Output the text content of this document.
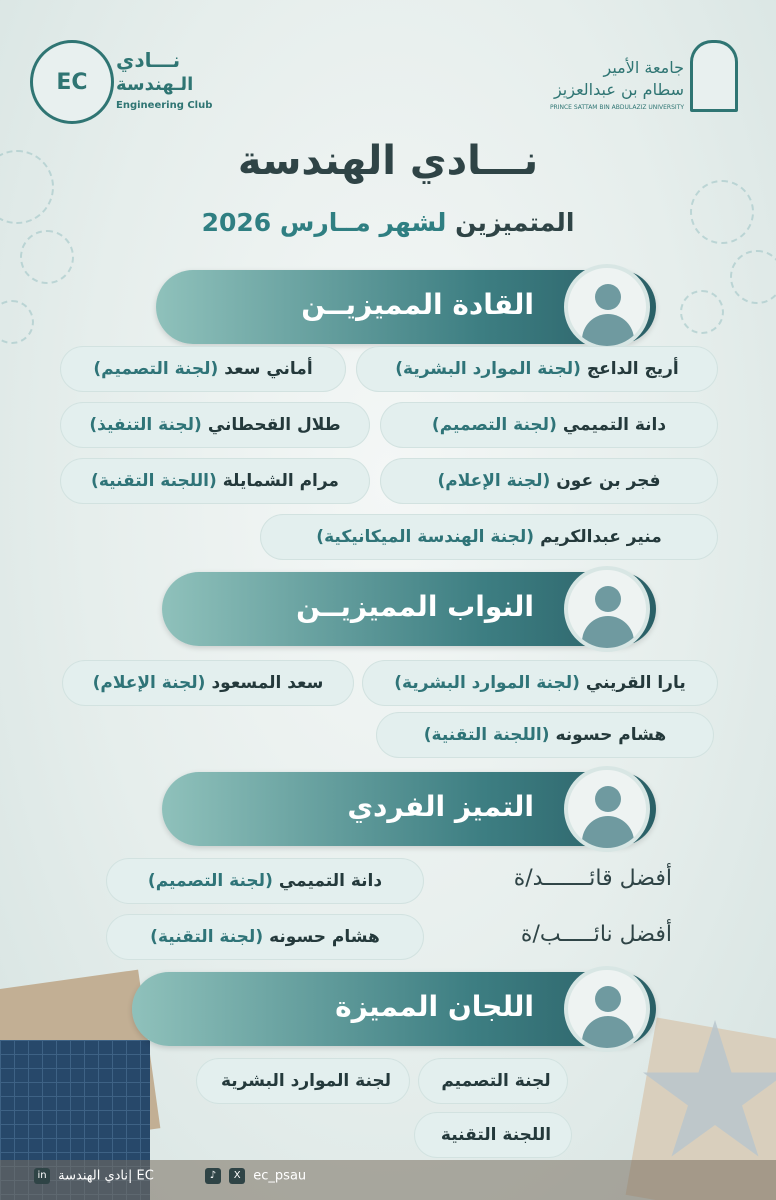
EC
نـــادي
الـهندسة
Engineering Club
جامعة الأمير
سطام بن عبدالعزيز
PRINCE SATTAM BIN ABDULAZIZ UNIVERSITY
نـــادي الهندسة
المتميزين لشهر مــارس 2026
القادة المميزيــن
أريج الداعج
(لجنة الموارد البشرية)
أماني سعد
(لجنة التصميم)
دانة التميمي
(لجنة التصميم)
طلال القحطاني
(لجنة التنفيذ)
فجر بن عون
(لجنة الإعلام)
مرام الشمايلة
(اللجنة التقنية)
منير عبدالكريم
(لجنة الهندسة الميكانيكية)
النواب المميزيــن
يارا القريني
(لجنة الموارد البشرية)
سعد المسعود
(لجنة الإعلام)
هشام حسونه
(اللجنة التقنية)
التميز الفردي
أفضل قائـــــــد/ة
دانة التميمي
(لجنة التصميم)
أفضل نائـــــب/ة
هشام حسونه
(لجنة التقنية)
اللجان المميزة
لجنة التصميم
لجنة الموارد البشرية
اللجنة التقنية
in نادي الهندسة| EC	♪ X ec_psau
